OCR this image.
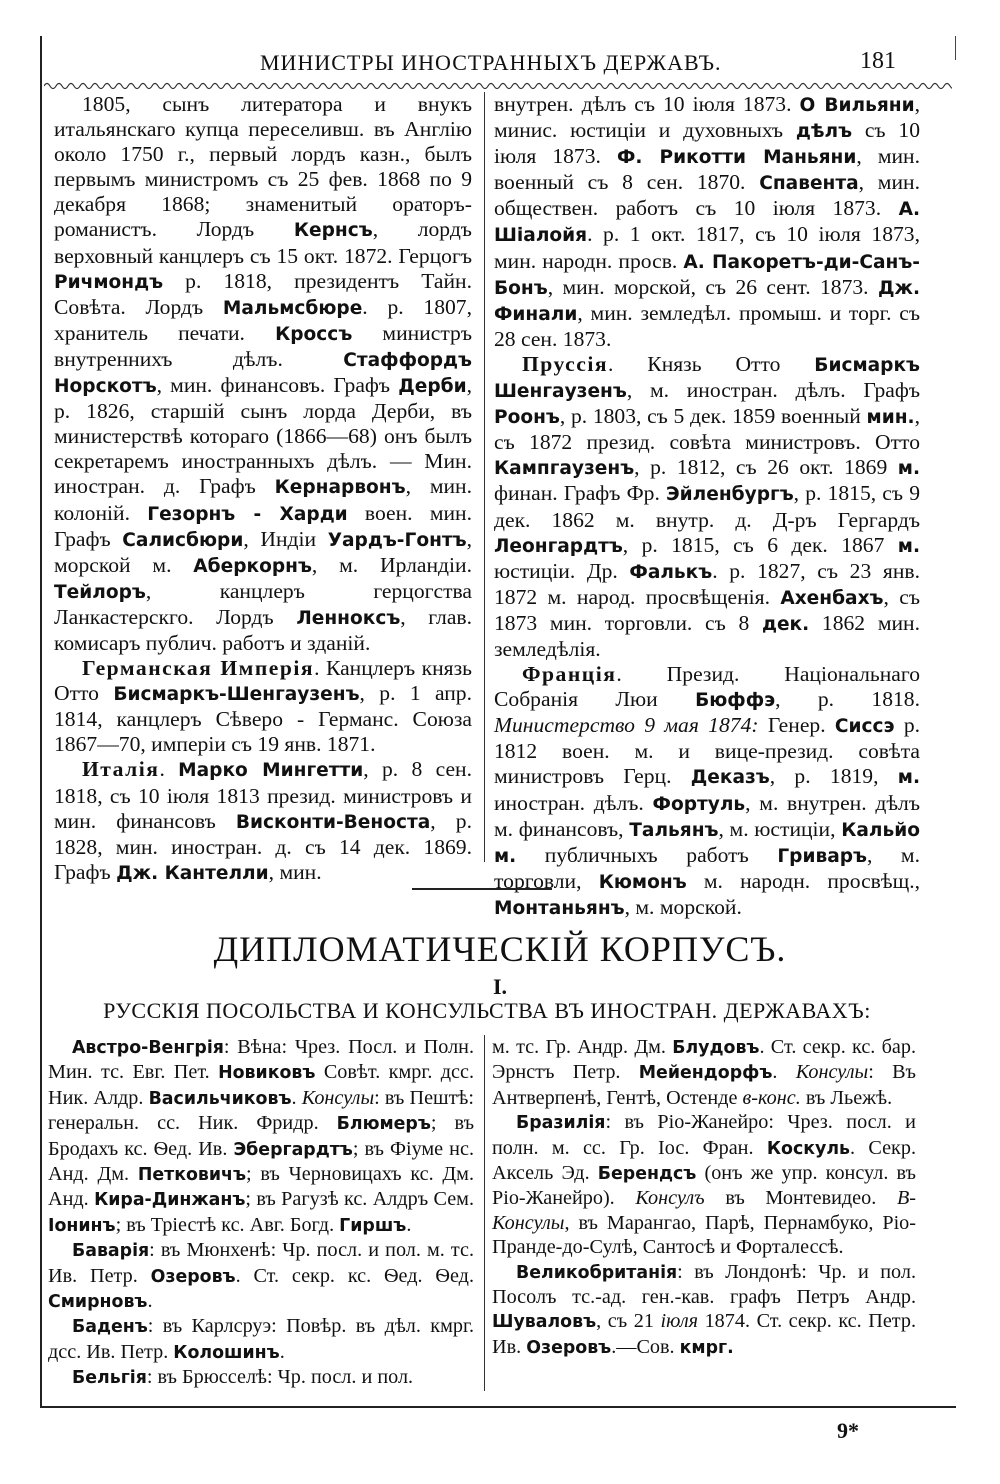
МИНИСТРЫ ИНОСТРАННЫХЪ ДЕРЖАВЪ.	181

1805, сынъ литератора и внукъ итальянскаго купца переселивш. въ Англію около 1750 г., первый лордъ казн., былъ первымъ министромъ съ 25 фев. 1868 по 9 декабря 1868; знаменитый ораторъ-романистъ. Лордъ Кернсъ, лордъ верховный канцлеръ съ 15 окт. 1872. Герцогъ Ричмондъ р. 1818, президентъ Тайн. Совѣта. Лордъ Мальмсбюре. р. 1807, хранитель печати. Кроссъ министръ внутреннихъ дѣлъ. Стаффордъ Норскотъ, мин. финансовъ. Графъ Дерби, р. 1826, старшій сынъ лорда Дерби, въ министерствѣ котораго (1866—68) онъ былъ секретаремъ иностранныхъ дѣлъ. — Мин. иностран. д. Графъ Кернарвонъ, мин. колоній. Гезорнъ - Харди воен. мин. Графъ Салисбюри, Индіи Уардъ-Гонтъ, морской м. Аберкорнъ, м. Ирландіи. Тейлоръ, канцлеръ герцогства Ланкастерскго. Лордъ Ленноксъ, глав. комисаръ публич. работъ и зданій.

Германская Имперія. Канцлеръ князь Отто Бисмаркъ-Шенгаузенъ, р. 1 апр. 1814, канцлеръ Сѣверо - Германс. Союза 1867—70, имперіи съ 19 янв. 1871.

Италія. Марко Мингетти, р. 8 сен. 1818, съ 10 іюля 1813 презид. министровъ и мин. финансовъ Висконти-Веноста, р. 1828, мин. иностран. д. съ 14 дек. 1869. Графъ Дж. Кантелли, мин.

внутрен. дѣлъ съ 10 іюля 1873. О Вильяни, минис. юстиціи и духовныхъ дѣлъ съ 10 іюля 1873. Ф. Рикотти Маньяни, мин. военный съ 8 сен. 1870. Спавента, мин. обществен. работъ съ 10 іюля 1873. А. Шіалойя. р. 1 окт. 1817, съ 10 іюля 1873, мин. народн. просв. А. Пакоретъ-ди-Санъ-Бонъ, мин. морской, съ 26 сент. 1873. Дж. Финали, мин. земледѣл. промыш. и торг. съ 28 сен. 1873.

Пруссія. Князь Отто Бисмаркъ Шенгаузенъ, м. иностран. дѣлъ. Графъ Роонъ, р. 1803, съ 5 дек. 1859 военный мин., съ 1872 презид. совѣта министровъ. Отто Кампгаузенъ, р. 1812, съ 26 окт. 1869 м. финан. Графъ Фр. Эйленбургъ, р. 1815, съ 9 дек. 1862 м. внутр. д. Д-ръ Гергардъ Леонгардтъ, р. 1815, съ 6 дек. 1867 м. юстиціи. Др. Фалькъ. р. 1827, съ 23 янв. 1872 м. народ. просвѣщенія. Ахенбахъ, съ 1873 мин. торговли. съ 8 дек. 1862 мин. земледѣлія.

Франція. Презид. Національнаго Собранія Люи Бюффэ, р. 1818. Министерство 9 мая 1874: Генер. Сиссэ р. 1812 воен. м. и вице-презид. совѣта министровъ Герц. Деказъ, р. 1819, м. иностран. дѣлъ. Фортуль, м. внутрен. дѣлъ м. финансовъ, Тальянъ, м. юстиціи, Кальйо м. публичныхъ работъ Гриваръ, м. торговли, Кюмонъ м. народн. просвѣщ., Монтаньянъ, м. морской.

ДИПЛОМАТИЧЕСКІЙ КОРПУСЪ.
I.
РУССКІЯ ПОСОЛЬСТВА И КОНСУЛЬСТВА ВЪ ИНОСТРАН. ДЕРЖАВАХЪ:

Австро-Венгрія: Вѣна: Чрез. Посл. и Полн. Мин. тс. Евг. Пет. Новиковъ Совѣт. кмрг. дсс. Ник. Алдр. Васильчиковъ. Консулы: въ Пештѣ: генеральн. сс. Ник. Фридр. Блюмеръ; въ Бродахъ кс. Ѳед. Ив. Эбергардтъ; въ Фіуме нс. Анд. Дм. Петковичъ; въ Черновицахъ кс. Дм. Анд. Кира-Динжанъ; въ Рагузѣ кс. Алдръ Сем. Іонинъ; въ Тріестѣ кс. Авг. Богд. Гиршъ.

Баварія: въ Мюнхенѣ: Чр. посл. и пол. м. тс. Ив. Петр. Озеровъ. Ст. секр. кс. Ѳед. Ѳед. Смирновъ.

Баденъ: въ Карлсруэ: Повѣр. въ дѣл. кмрг. дсс. Ив. Петр. Колошинъ.

Бельгія: въ Брюсселѣ: Чр. посл. и пол.

м. тс. Гр. Андр. Дм. Блудовъ. Ст. секр. кс. бар. Эрнстъ Петр. Мейендорфъ. Консулы: Въ Антверпенѣ, Гентѣ, Остенде в-конс. въ Льежѣ.

Бразилія: въ Ріо-Жанейро: Чрез. посл. и полн. м. сс. Гр. Іос. Фран. Коскуль. Секр. Аксель Эд. Берендсъ (онъ же упр. консул. въ Ріо-Жанейро). Консулъ въ Монтевидео. В-Консулы, въ Марангао, Парѣ, Пернамбуко, Ріо-Пранде-до-Сулѣ, Сантосѣ и Форталессѣ.

Великобританія: въ Лондонѣ: Чр. и пол. Посолъ тс.-ад. ген.-кав. графъ Петръ Андр. Шуваловъ, съ 21 іюля 1874. Ст. секр. кс. Петр. Ив. Озеровъ.—Сов. кмрг.

9*
